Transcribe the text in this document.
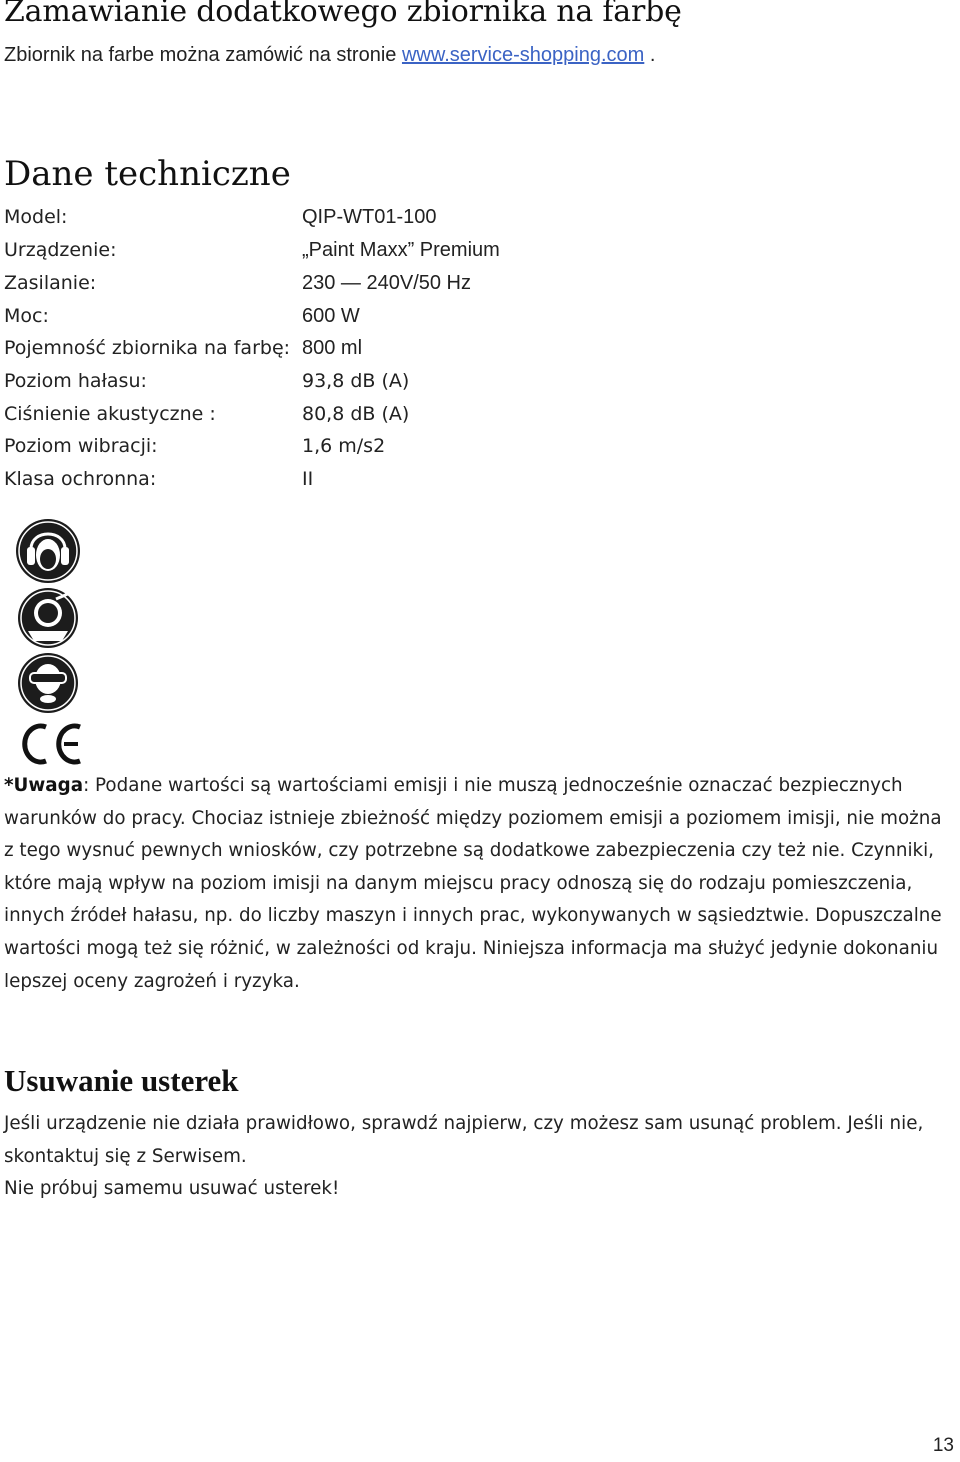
Zamawianie dodatkowego zbiornika na farbę
Zbiornik na farbe można zamówić na stronie www.service-shopping.com .
Dane techniczne
Model:	QIP-WT01-100
Urządzenie:	„Paint Maxx” Premium
Zasilanie:	230 — 240V/50 Hz
Moc:	600 W
Pojemność zbiornika na farbę: 800 ml
Poziom hałasu:	93,8 dB (A)
Ciśnienie akustyczne :	80,8 dB (A)
Poziom wibracji:	1,6 m/s2
Klasa ochronna:	II

*Uwaga: Podane wartości są wartościami emisji i nie muszą jednocześnie oznaczać bezpiecznych warunków do pracy. Chociaz istnieje zbieżność między poziomem emisji a poziomem imisji, nie można z tego wysnuć pewnych wniosków, czy potrzebne są dodatkowe zabezpieczenia czy też nie. Czynniki, które mają wpływ na poziom imisji na danym miejscu pracy odnoszą się do rodzaju pomieszczenia, innych źródeł hałasu, np. do liczby maszyn i innych prac, wykonywanych w sąsiedztwie. Dopuszczalne wartości mogą też się różnić, w zależności od kraju. Niniejsza informacja ma służyć jedynie dokonaniu lepszej oceny zagrożeń i ryzyka.

Usuwanie usterek
Jeśli urządzenie nie działa prawidłowo, sprawdź najpierw, czy możesz sam usunąć problem. Jeśli nie, skontaktuj się z Serwisem.
Nie próbuj samemu usuwać usterek!
13
